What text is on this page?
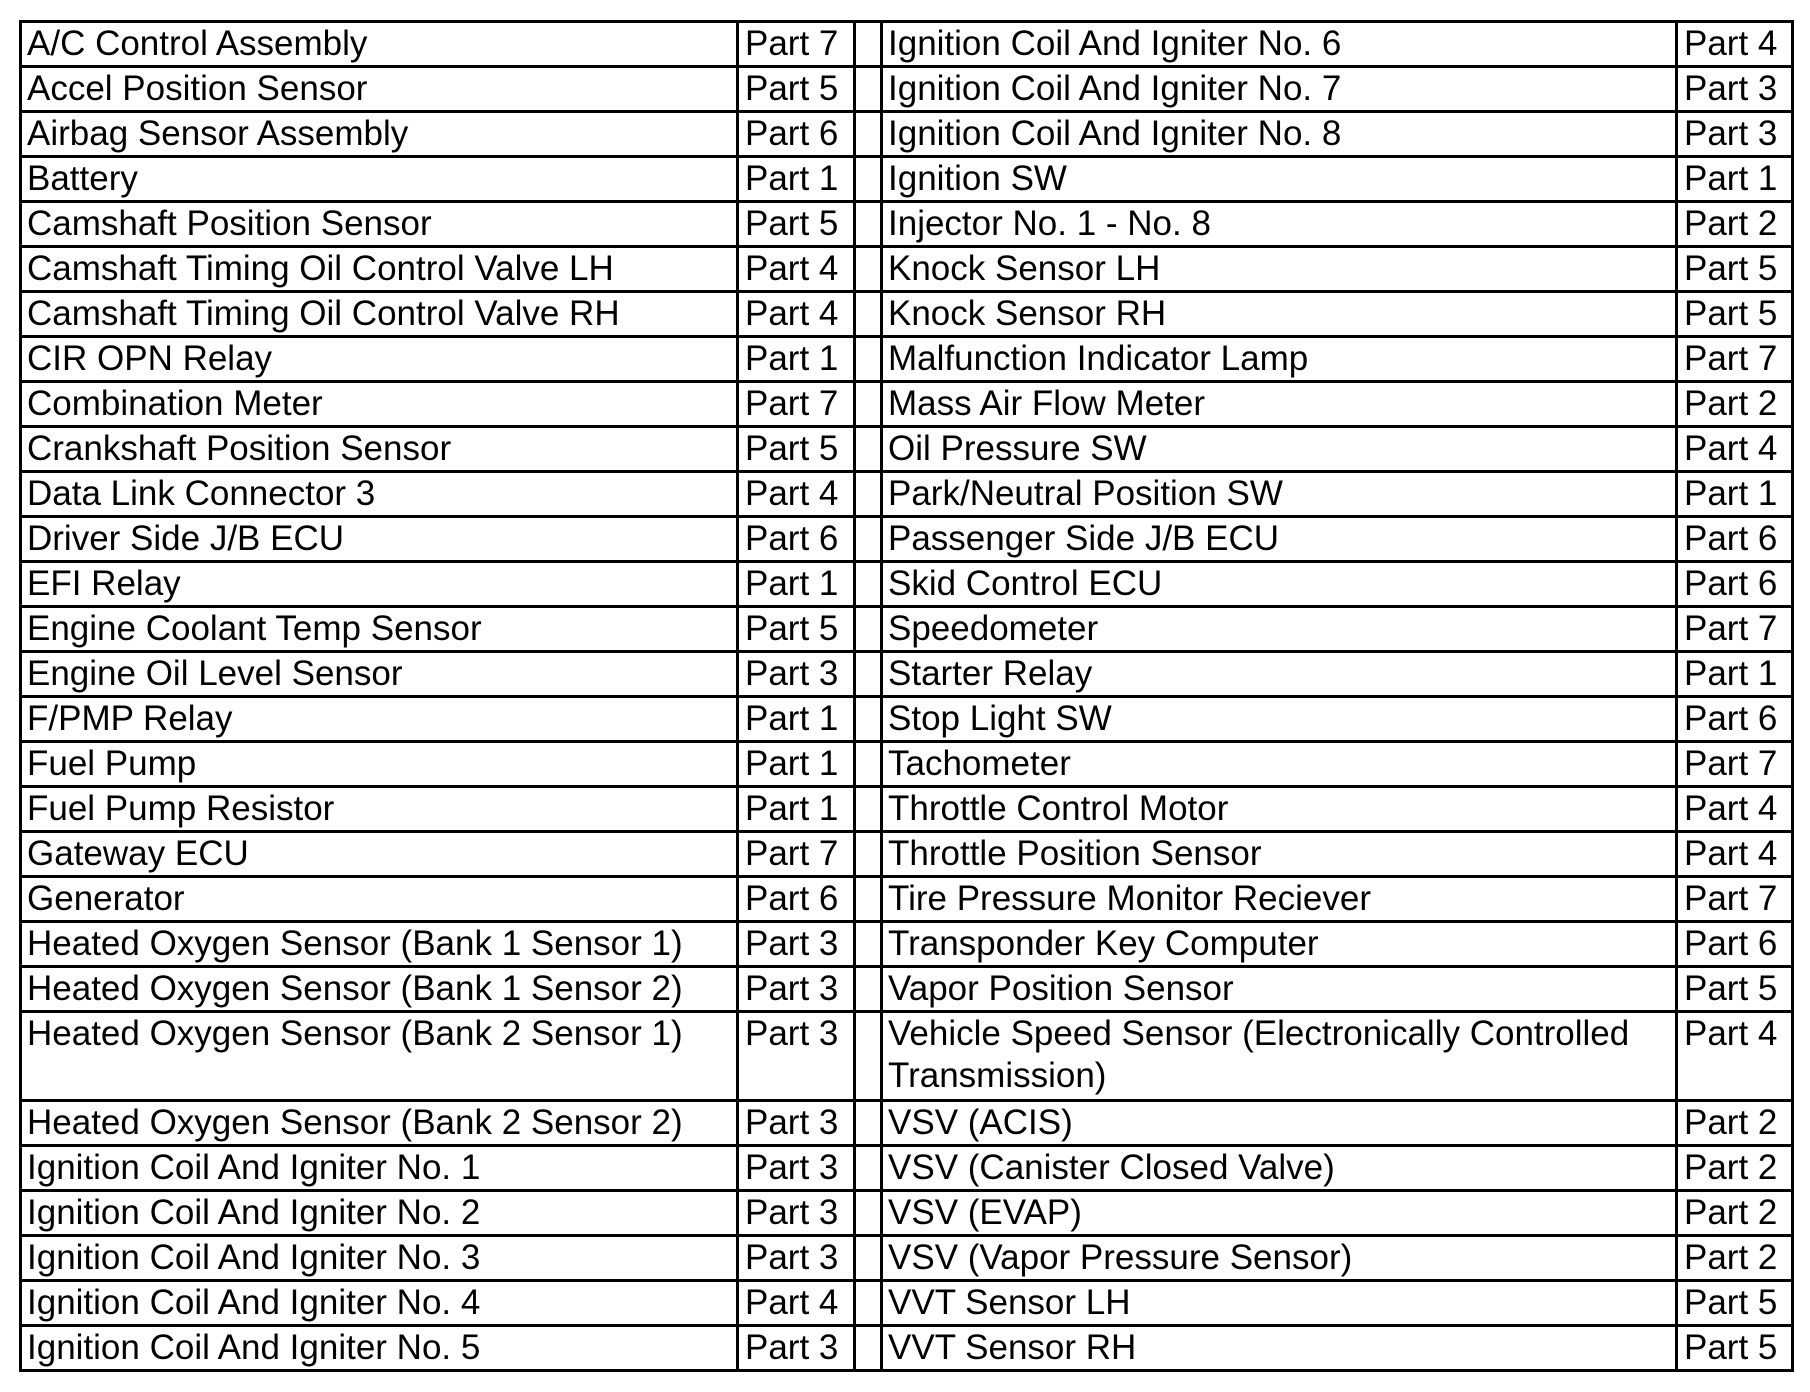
A/C Control Assembly	Part 7		Ignition Coil And Igniter No. 6	Part 4
Accel Position Sensor	Part 5		Ignition Coil And Igniter No. 7	Part 3
Airbag Sensor Assembly	Part 6		Ignition Coil And Igniter No. 8	Part 3
Battery	Part 1		Ignition SW	Part 1
Camshaft Position Sensor	Part 5		Injector No. 1 - No. 8	Part 2
Camshaft Timing Oil Control Valve LH	Part 4		Knock Sensor LH	Part 5
Camshaft Timing Oil Control Valve RH	Part 4		Knock Sensor RH	Part 5
CIR OPN Relay	Part 1		Malfunction Indicator Lamp	Part 7
Combination Meter	Part 7		Mass Air Flow Meter	Part 2
Crankshaft Position Sensor	Part 5		Oil Pressure SW	Part 4
Data Link Connector 3	Part 4		Park/Neutral Position SW	Part 1
Driver Side J/B ECU	Part 6		Passenger Side J/B ECU	Part 6
EFI Relay	Part 1		Skid Control ECU	Part 6
Engine Coolant Temp Sensor	Part 5		Speedometer	Part 7
Engine Oil Level Sensor	Part 3		Starter Relay	Part 1
F/PMP Relay	Part 1		Stop Light SW	Part 6
Fuel Pump	Part 1		Tachometer	Part 7
Fuel Pump Resistor	Part 1		Throttle Control Motor	Part 4
Gateway ECU	Part 7		Throttle Position Sensor	Part 4
Generator	Part 6		Tire Pressure Monitor Reciever	Part 7
Heated Oxygen Sensor (Bank 1 Sensor 1)	Part 3		Transponder Key Computer	Part 6
Heated Oxygen Sensor (Bank 1 Sensor 2)	Part 3		Vapor Position Sensor	Part 5
Heated Oxygen Sensor (Bank 2 Sensor 1)	Part 3		Vehicle Speed Sensor (Electronically Controlled Transmission)	Part 4
Heated Oxygen Sensor (Bank 2 Sensor 2)	Part 3		VSV (ACIS)	Part 2
Ignition Coil And Igniter No. 1	Part 3		VSV (Canister Closed Valve)	Part 2
Ignition Coil And Igniter No. 2	Part 3		VSV (EVAP)	Part 2
Ignition Coil And Igniter No. 3	Part 3		VSV (Vapor Pressure Sensor)	Part 2
Ignition Coil And Igniter No. 4	Part 4		VVT Sensor LH	Part 5
Ignition Coil And Igniter No. 5	Part 3		VVT Sensor RH	Part 5
